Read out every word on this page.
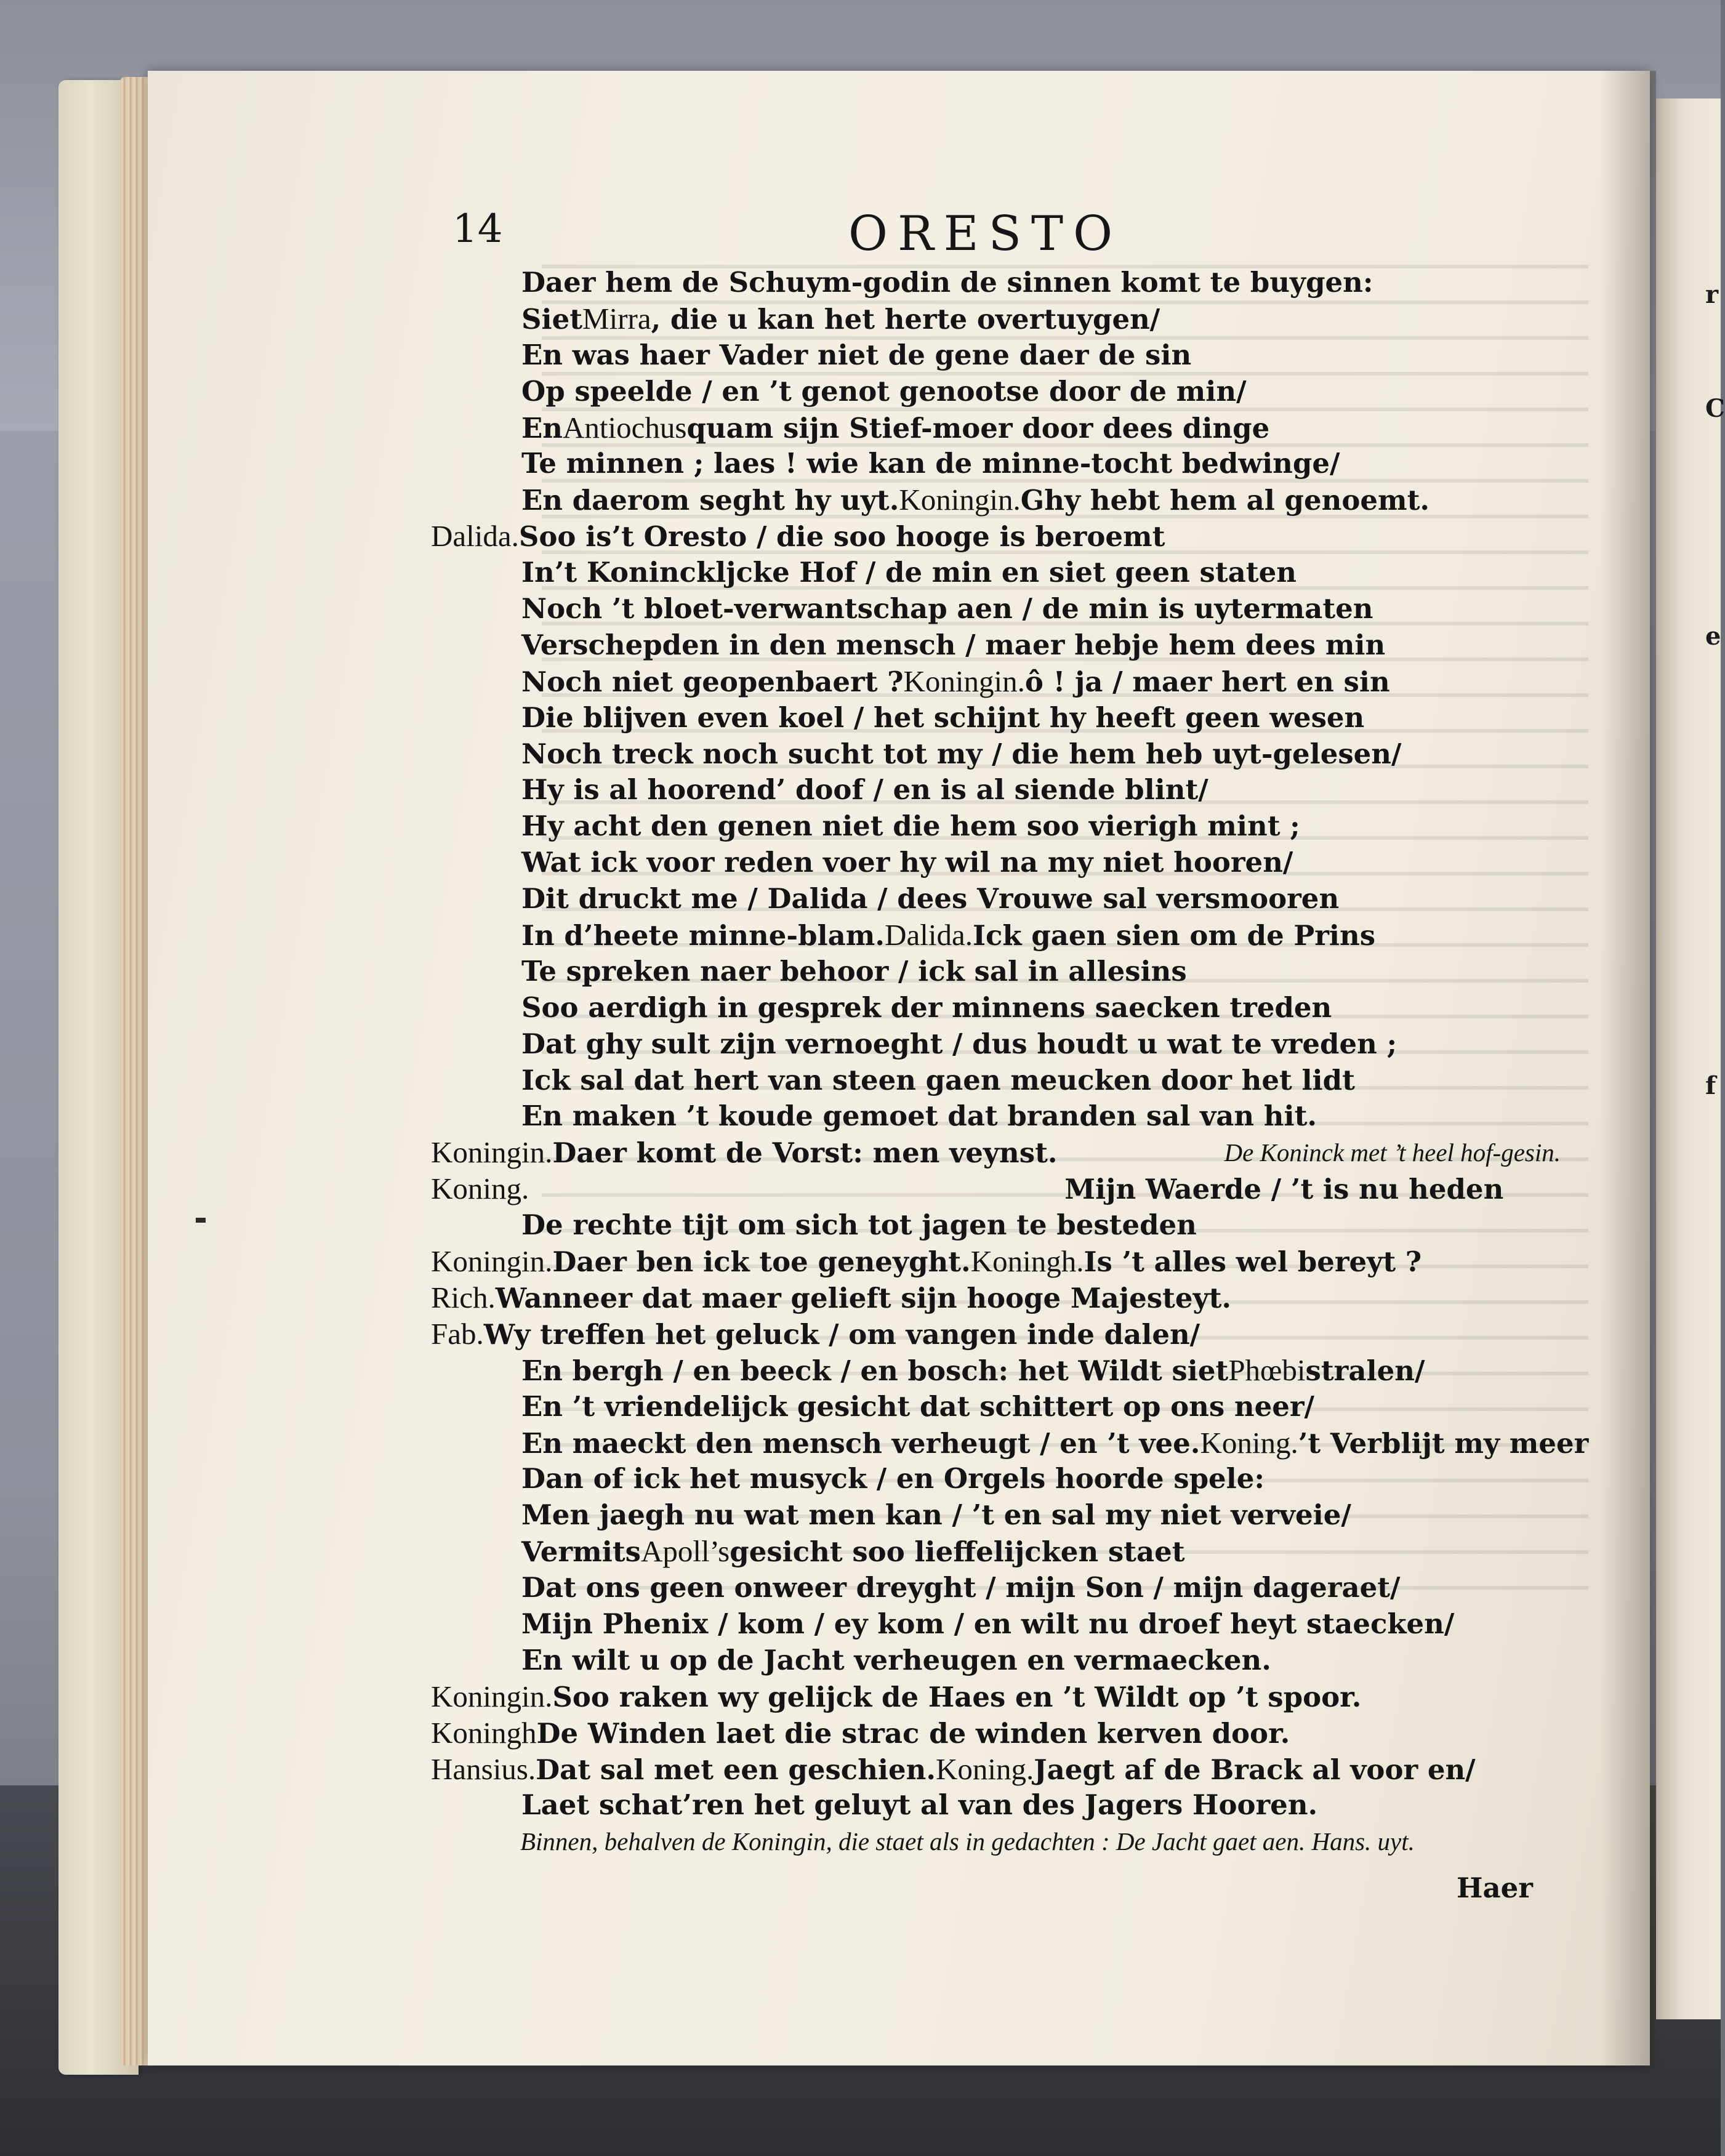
r
C
e
f
14	ORESTO
Daer hem de Schuym-godin de sinnen komt te buygen:
SietMirra, die u kan het herte overtuygen/
En was haer Vader niet de gene daer de sin
Op speelde / en ’t genot genootse door de min/
EnAntiochusquam sijn Stief-moer door dees dinge
Te minnen ; laes ! wie kan de minne-tocht bedwinge/
En daerom seght hy uyt.Koningin.Ghy hebt hem al genoemt.
Dalida.Soo is’t Oresto / die soo hooge is beroemt
In’t Koninckljcke Hof / de min en siet geen staten
Noch ’t bloet-verwantschap aen / de min is uytermaten
Verschepden in den mensch / maer hebje hem dees min
Noch niet geopenbaert ?Koningin.ô ! ja / maer hert en sin
Die blijven even koel / het schijnt hy heeft geen wesen
Noch treck noch sucht tot my / die hem heb uyt-gelesen/
Hy is al hoorend’ doof / en is al siende blint/
Hy acht den genen niet die hem soo vierigh mint ;
Wat ick voor reden voer hy wil na my niet hooren/
Dit druckt me / Dalida / dees Vrouwe sal versmooren
In d’heete minne-blam.Dalida.Ick gaen sien om de Prins
Te spreken naer behoor / ick sal in allesins
Soo aerdigh in gesprek der minnens saecken treden
Dat ghy sult zijn vernoeght / dus houdt u wat te vreden ;
Ick sal dat hert van steen gaen meucken door het lidt
En maken ’t koude gemoet dat branden sal van hit.
Koningin.Daer komt de Vorst: men veynst.	De Koninck met ’t heel hof-gesin.
Koning.	Mijn Waerde / ’t is nu heden
De rechte tijt om sich tot jagen te besteden
Koningin.Daer ben ick toe geneyght.Koningh.Is ’t alles wel bereyt ?
Rich.Wanneer dat maer gelieft sijn hooge Majesteyt.
Fab.Wy treffen het geluck / om vangen inde dalen/
En bergh / en beeck / en bosch: het Wildt sietPhœbistralen/
En ’t vriendelijck gesicht dat schittert op ons neer/
En maeckt den mensch verheugt / en ’t vee.Koning.’t Verblijt my meer
Dan of ick het musyck / en Orgels hoorde spele:
Men jaegh nu wat men kan / ’t en sal my niet verveie/
VermitsApoll’sgesicht soo lieffelijcken staet
Dat ons geen onweer dreyght / mijn Son / mijn dageraet/
Mijn Phenix / kom / ey kom / en wilt nu droef heyt staecken/
En wilt u op de Jacht verheugen en vermaecken.
Koningin.Soo raken wy gelijck de Haes en ’t Wildt op ’t spoor.
KoninghDe Winden laet die strac de winden kerven door.
Hansius.Dat sal met een geschien.Koning.Jaegt af de Brack al voor en/
Laet schat’ren het geluyt al van des Jagers Hooren.
Binnen, behalven de Koningin, die staet als in gedachten : De Jacht gaet aen. Hans. uyt.
Haer
